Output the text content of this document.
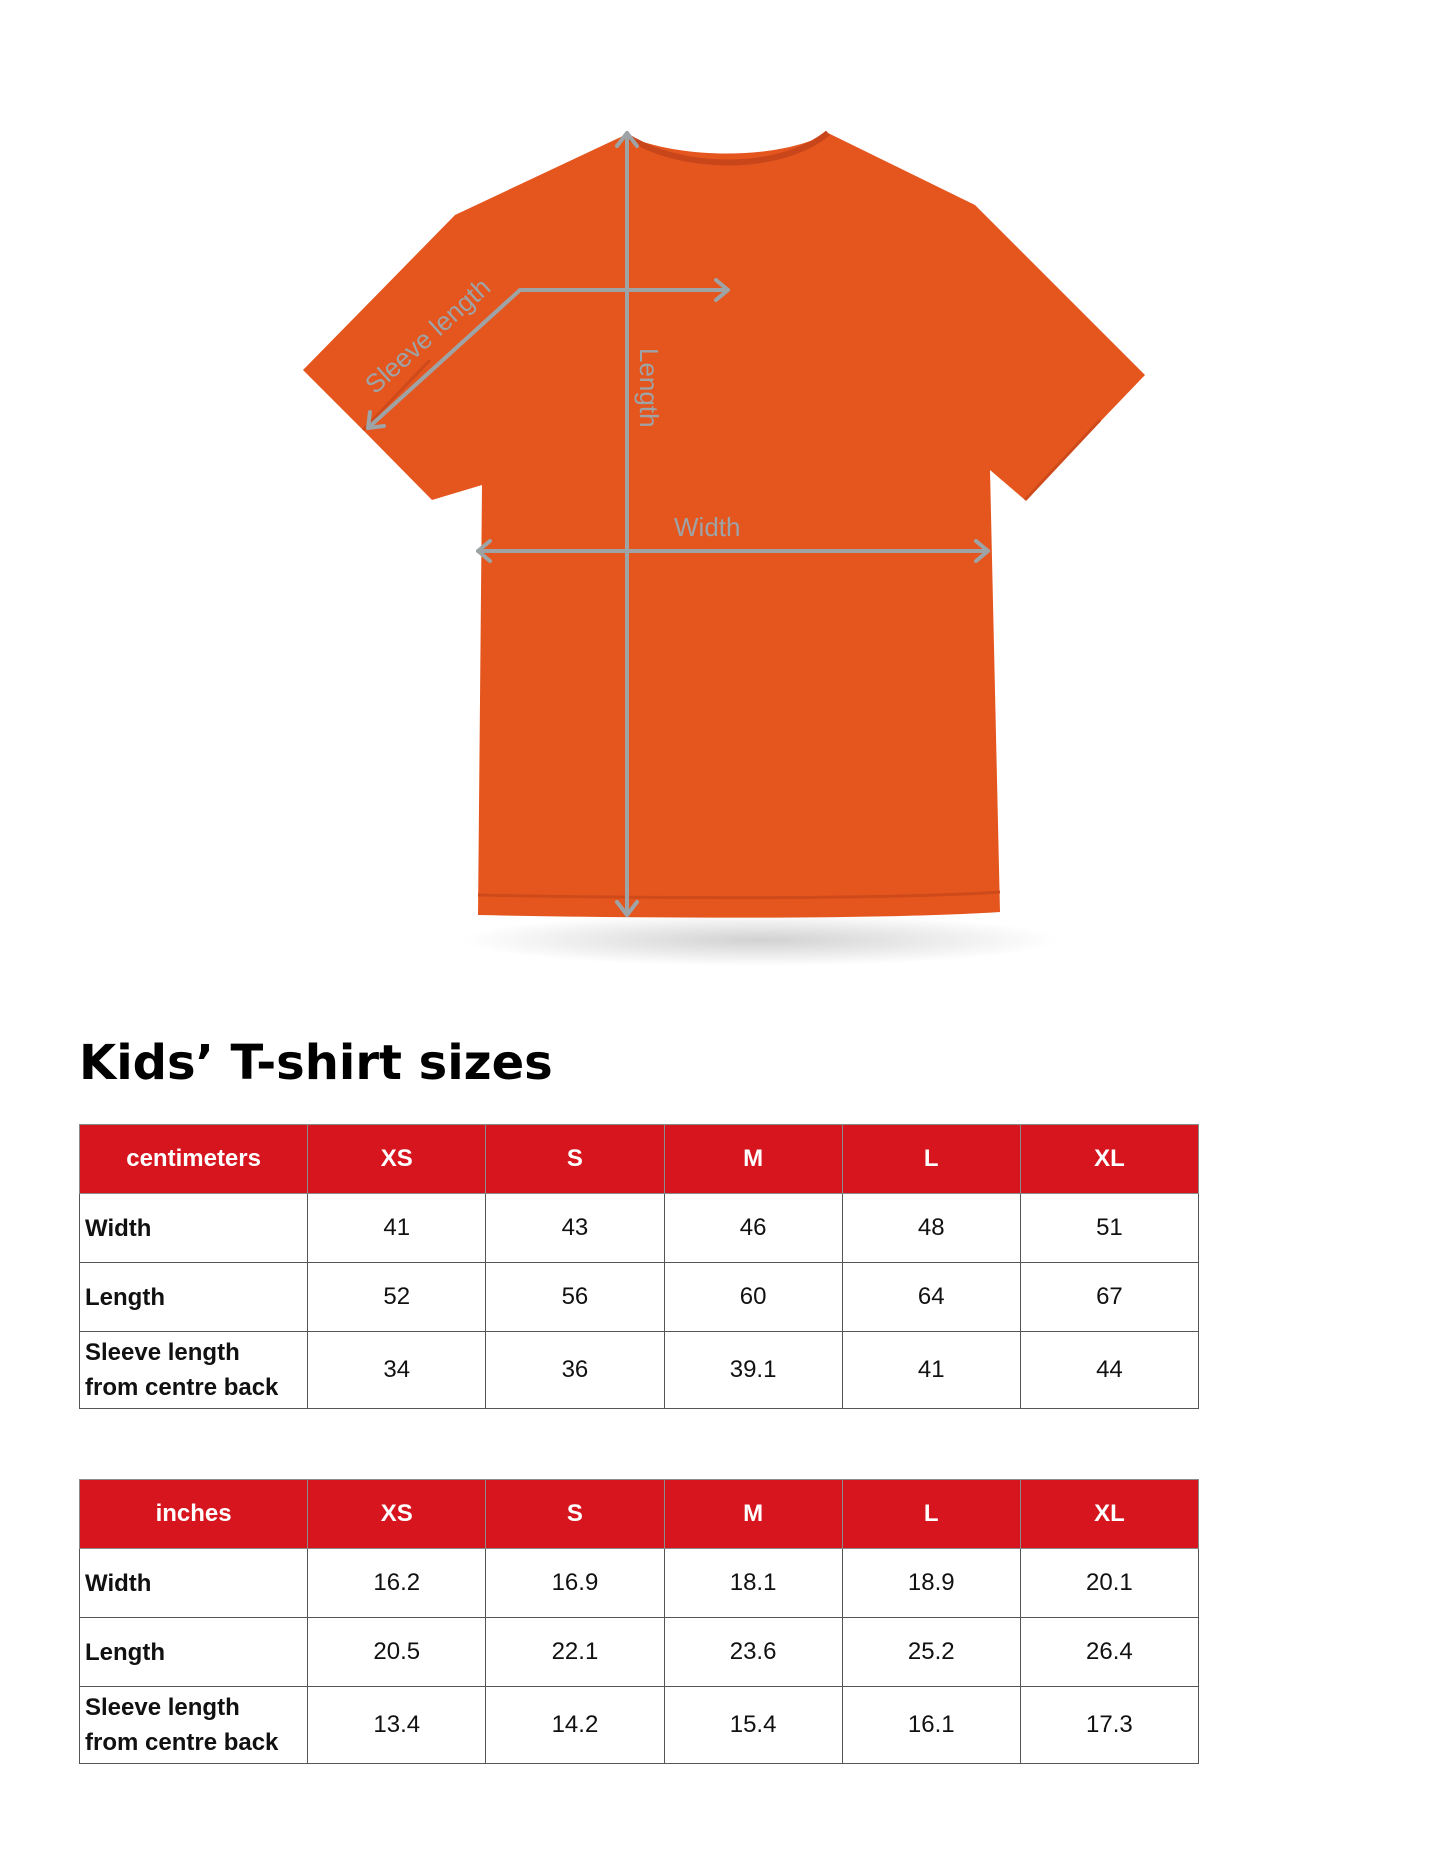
Sleeve length	Length
Width
Kids’ T-shirt sizes
centimeters	XS	S	M	L	XL
Width	41	43	46	48	51
Length	52	56	60	64	67
Sleeve length
from centre back	34	36	39.1	41	44
inches	XS	S	M	L	XL
Width	16.2	16.9	18.1	18.9	20.1
Length	20.5	22.1	23.6	25.2	26.4
Sleeve length
from centre back	13.4	14.2	15.4	16.1	17.3
